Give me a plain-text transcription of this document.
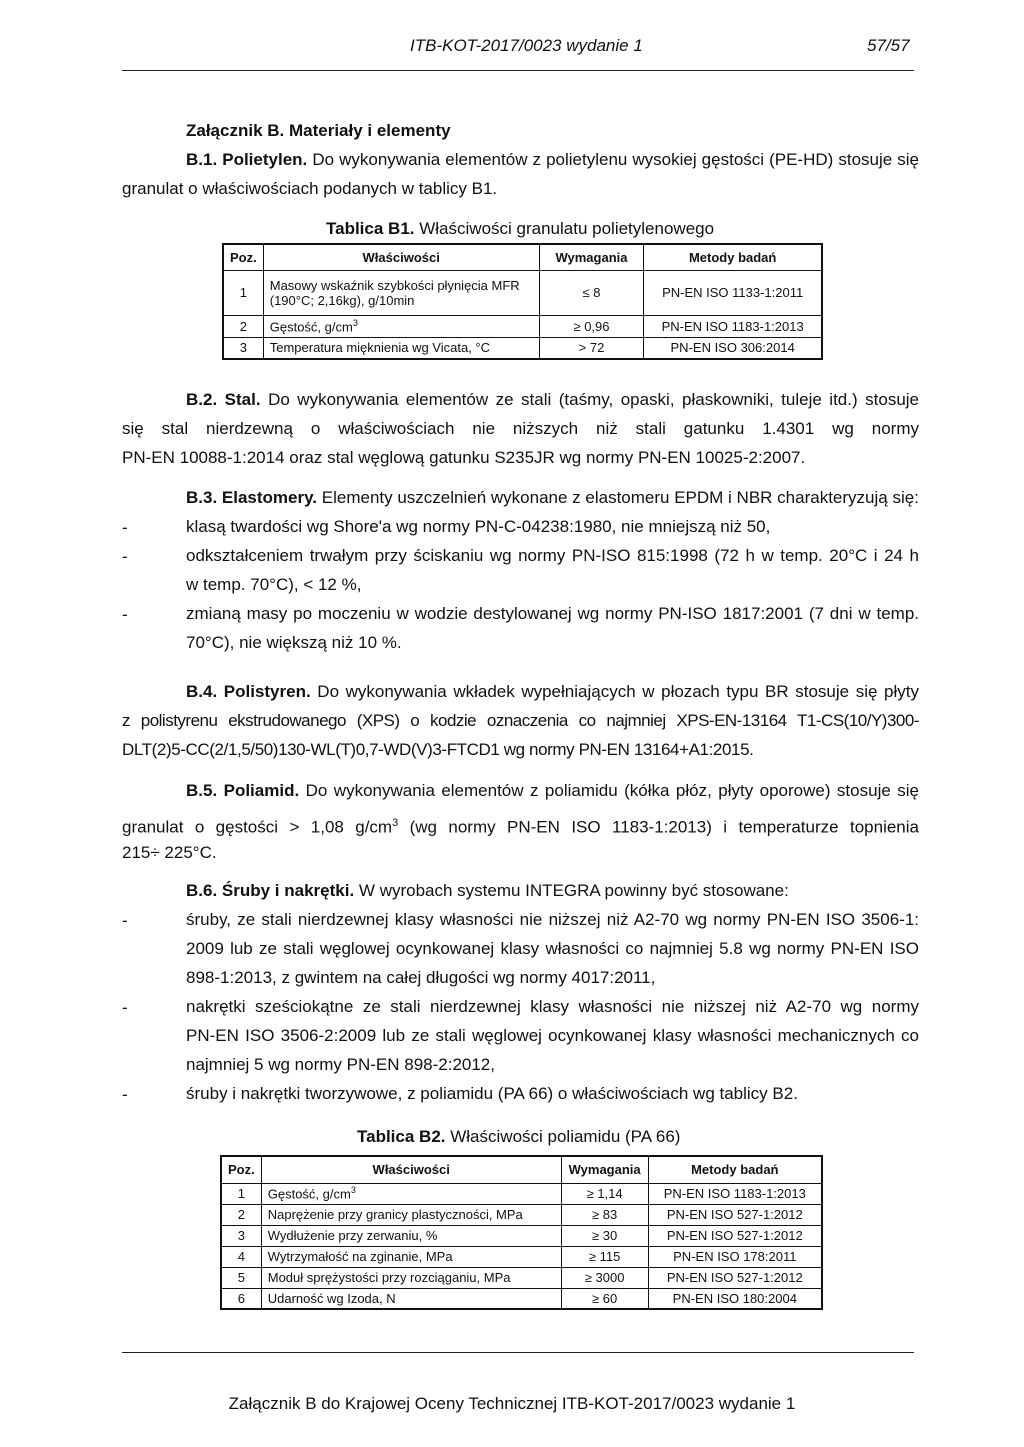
ITB-KOT-2017/0023 wydanie 1	57/57
Załącznik B. Materiały i elementy
B.1. Polietylen. Do wykonywania elementów z polietylenu wysokiej gęstości (PE-HD) stosuje się
granulat o właściwościach podanych w tablicy B1.
Tablica B1. Właściwości granulatu polietylenowego
Poz.	Właściwości	Wymagania	Metody badań
1	Masowy wskaźnik szybkości płynięcia MFR
(190°C; 2,16kg), g/10min	≤ 8	PN-EN ISO 1133-1:2011
2	Gęstość, $g/cm^3$	≥ 0,96	PN-EN ISO 1183-1:2013
3	Temperatura mięknienia wg Vicata, °C	> 72	PN-EN ISO 306:2014
B.2. Stal. Do wykonywania elementów ze stali (taśmy, opaski, płaskowniki, tuleje itd.) stosuje
się stal nierdzewną o właściwościach nie niższych niż stali gatunku 1.4301 wg normy
PN-EN 10088-1:2014 oraz stal węglową gatunku S235JR wg normy PN-EN 10025-2:2007.
B.3. Elastomery. Elementy uszczelnień wykonane z elastomeru EPDM i NBR charakteryzują się:
-	klasą twardości wg Shore'a wg normy PN-C-04238:1980, nie mniejszą niż 50,
-	odkształceniem trwałym przy ściskaniu wg normy PN-ISO 815:1998 (72 h w temp. 20°C i 24 h
w temp. 70°C), < 12 %,
-	zmianą masy po moczeniu w wodzie destylowanej wg normy PN-ISO 1817:2001 (7 dni w temp.
70°C), nie większą niż 10 %.
B.4. Polistyren. Do wykonywania wkładek wypełniających w płozach typu BR stosuje się płyty
z polistyrenu ekstrudowanego (XPS) o kodzie oznaczenia co najmniej XPS-EN-13164 T1-CS(10/Y)300-
DLT(2)5-CC(2/1,5/50)130-WL(T)0,7-WD(V)3-FTCD1 wg normy PN-EN 13164+A1:2015.
B.5. Poliamid. Do wykonywania elementów z poliamidu (kółka płóz, płyty oporowe) stosuje się
granulat o gęstości > 1,08 $g/cm^3$ (wg normy PN-EN ISO 1183-1:2013) i temperaturze topnienia
215÷ 225°C.
B.6. Śruby i nakrętki. W wyrobach systemu INTEGRA powinny być stosowane:
-	śruby, ze stali nierdzewnej klasy własności nie niższej niż A2-70 wg normy PN-EN ISO 3506-1:
2009 lub ze stali węglowej ocynkowanej klasy własności co najmniej 5.8 wg normy PN-EN ISO
898-1:2013, z gwintem na całej długości wg normy 4017:2011,
-	nakrętki sześciokątne ze stali nierdzewnej klasy własności nie niższej niż A2-70 wg normy
PN-EN ISO 3506-2:2009 lub ze stali węglowej ocynkowanej klasy własności mechanicznych co
najmniej 5 wg normy PN-EN 898-2:2012,
-	śruby i nakrętki tworzywowe, z poliamidu (PA 66) o właściwościach wg tablicy B2.
Tablica B2. Właściwości poliamidu (PA 66)
Poz.	Właściwości	Wymagania	Metody badań
1	Gęstość, $g/cm^3$	≥ 1,14	PN-EN ISO 1183-1:2013
2	Naprężenie przy granicy plastyczności, MPa	≥ 83	PN-EN ISO 527-1:2012
3	Wydłużenie przy zerwaniu, %	≥ 30	PN-EN ISO 527-1:2012
4	Wytrzymałość na zginanie, MPa	≥ 115	PN-EN ISO 178:2011
5	Moduł sprężystości przy rozciąganiu, MPa	≥ 3000	PN-EN ISO 527-1:2012
6	Udarność wg Izoda, N	≥ 60	PN-EN ISO 180:2004
Załącznik B do Krajowej Oceny Technicznej ITB-KOT-2017/0023 wydanie 1
